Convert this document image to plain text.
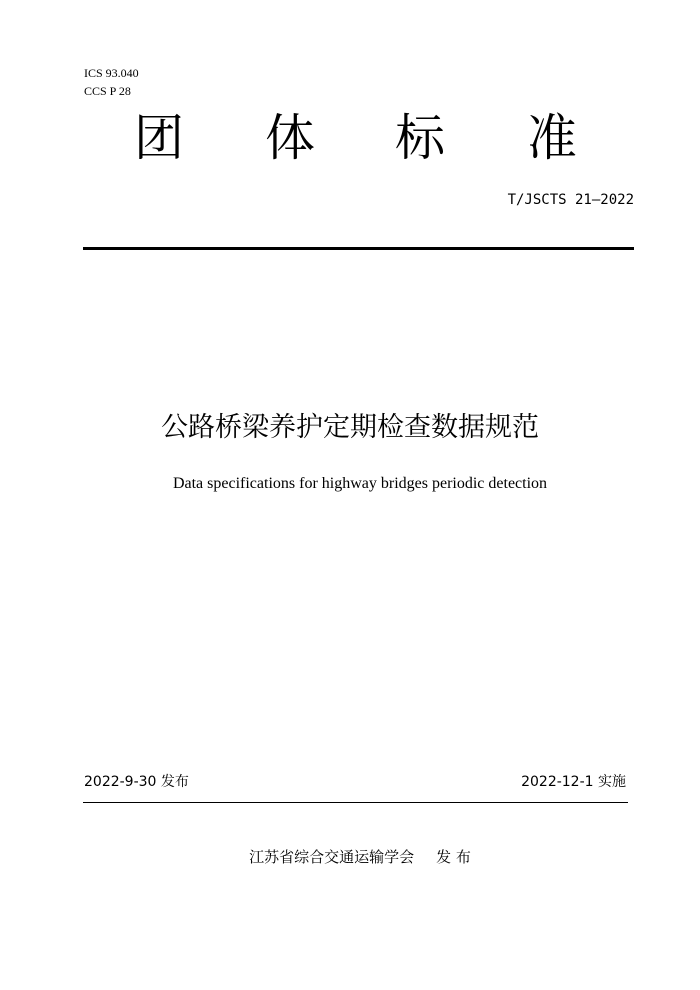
ICS 93.040
CCS P 28
团 体 标 准
T/JSCTS 21—2022
公路桥梁养护定期检查数据规范
Data specifications for highway bridges periodic detection
2022-9-30 发布	2022-12-1 实施
江苏省综合交通运输学会 发 布
